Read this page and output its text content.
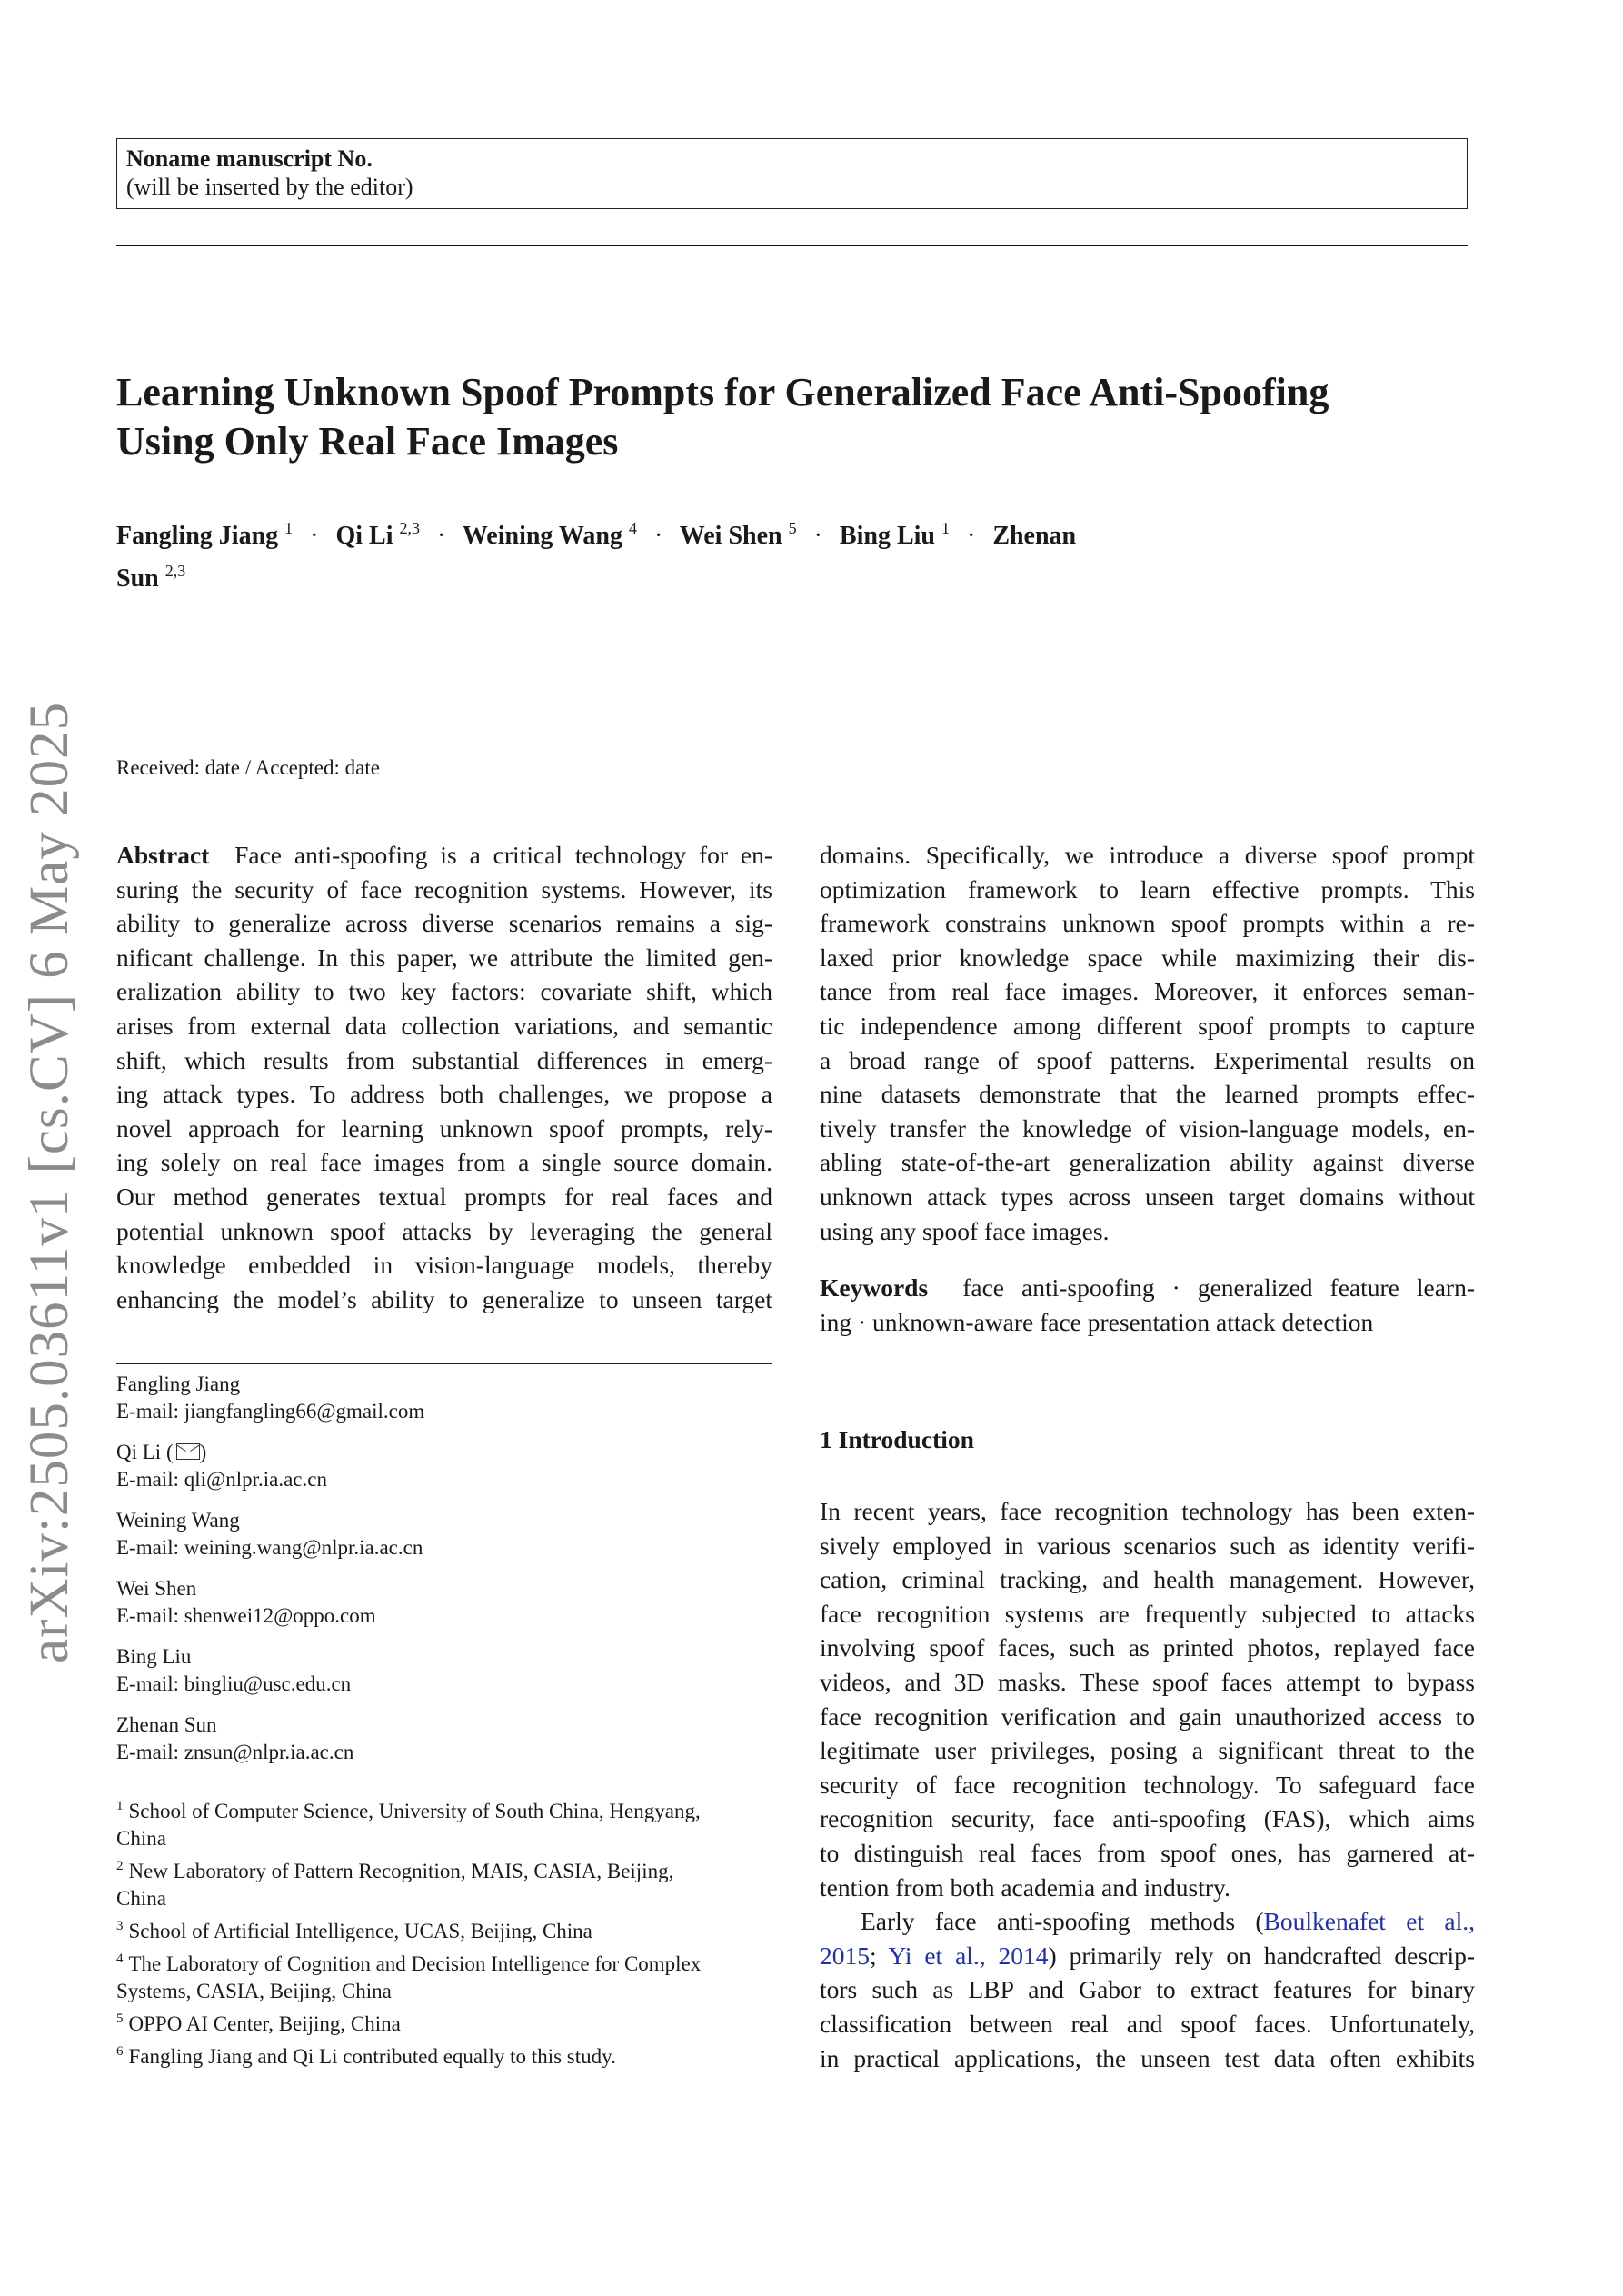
Noname manuscript No.
(will be inserted by the editor)
Learning Unknown Spoof Prompts for Generalized Face Anti-Spoofing
Using Only Real Face Images
Fangling Jiang $^1$ · Qi Li $^{2,3}$ · Weining Wang $^4$ · Wei Shen $^5$ · Bing Liu $^1$ · Zhenan
Sun $^{2,3}$
arXiv:2505.03611v1 [cs.CV] 6 May 2025 Received: date / Accepted: date
Abstract Face anti-spoofing is a critical technology for en-
suring the security of face recognition systems. However, its
ability to generalize across diverse scenarios remains a sig-
nificant challenge. In this paper, we attribute the limited gen-
eralization ability to two key factors: covariate shift, which
arises from external data collection variations, and semantic
shift, which results from substantial differences in emerg-
ing attack types. To address both challenges, we propose a
novel approach for learning unknown spoof prompts, rely-
ing solely on real face images from a single source domain.
Our method generates textual prompts for real faces and
potential unknown spoof attacks by leveraging the general
knowledge embedded in vision-language models, thereby
enhancing the model’s ability to generalize to unseen target
Fangling Jiang
E-mail: jiangfangling66@gmail.com
Qi Li ( )
E-mail: qli@nlpr.ia.ac.cn
Weining Wang
E-mail: weining.wang@nlpr.ia.ac.cn
Wei Shen
E-mail: shenwei12@oppo.com
Bing Liu
E-mail: bingliu@usc.edu.cn
Zhenan Sun
E-mail: znsun@nlpr.ia.ac.cn
$^1$ School of Computer Science, University of South China, Hengyang,
China
$^2$ New Laboratory of Pattern Recognition, MAIS, CASIA, Beijing,
China
$^3$ School of Artificial Intelligence, UCAS, Beijing, China
$^4$ The Laboratory of Cognition and Decision Intelligence for Complex
Systems, CASIA, Beijing, China
$^5$ OPPO AI Center, Beijing, China
$^6$ Fangling Jiang and Qi Li contributed equally to this study.
domains. Specifically, we introduce a diverse spoof prompt
optimization framework to learn effective prompts. This
framework constrains unknown spoof prompts within a re-
laxed prior knowledge space while maximizing their dis-
tance from real face images. Moreover, it enforces seman-
tic independence among different spoof prompts to capture
a broad range of spoof patterns. Experimental results on
nine datasets demonstrate that the learned prompts effec-
tively transfer the knowledge of vision-language models, en-
abling state-of-the-art generalization ability against diverse
unknown attack types across unseen target domains without
using any spoof face images.
Keywords face anti-spoofing · generalized feature learn-
ing · unknown-aware face presentation attack detection
1 Introduction
In recent years, face recognition technology has been exten-
sively employed in various scenarios such as identity verifi-
cation, criminal tracking, and health management. However,
face recognition systems are frequently subjected to attacks
involving spoof faces, such as printed photos, replayed face
videos, and 3D masks. These spoof faces attempt to bypass
face recognition verification and gain unauthorized access to
legitimate user privileges, posing a significant threat to the
security of face recognition technology. To safeguard face
recognition security, face anti-spoofing (FAS), which aims
to distinguish real faces from spoof ones, has garnered at-
tention from both academia and industry.
Early face anti-spoofing methods (Boulkenafet et al.,
2015; Yi et al., 2014) primarily rely on handcrafted descrip-
tors such as LBP and Gabor to extract features for binary
classification between real and spoof faces. Unfortunately,
in practical applications, the unseen test data often exhibits
